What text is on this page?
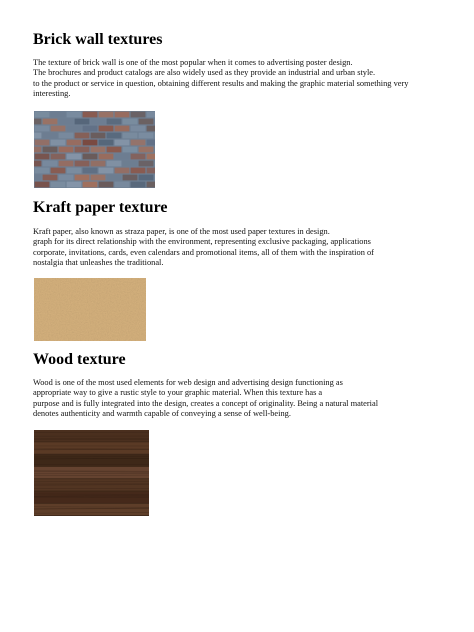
Brick wall textures
The texture of brick wall is one of the most popular when it comes to advertising poster design.
The brochures and product catalogs are also widely used as they provide an industrial and urban style.
to the product or service in question, obtaining different results and making the graphic material something very
interesting.
Kraft paper texture
Kraft paper, also known as straza paper, is one of the most used paper textures in design.
graph for its direct relationship with the environment, representing exclusive packaging, applications
corporate, invitations, cards, even calendars and promotional items, all of them with the inspiration of
nostalgia that unleashes the traditional.
Wood texture
Wood is one of the most used elements for web design and advertising design functioning as
appropriate way to give a rustic style to your graphic material. When this texture has a
purpose and is fully integrated into the design, creates a concept of originality. Being a natural material
denotes authenticity and warmth capable of conveying a sense of well-being.
